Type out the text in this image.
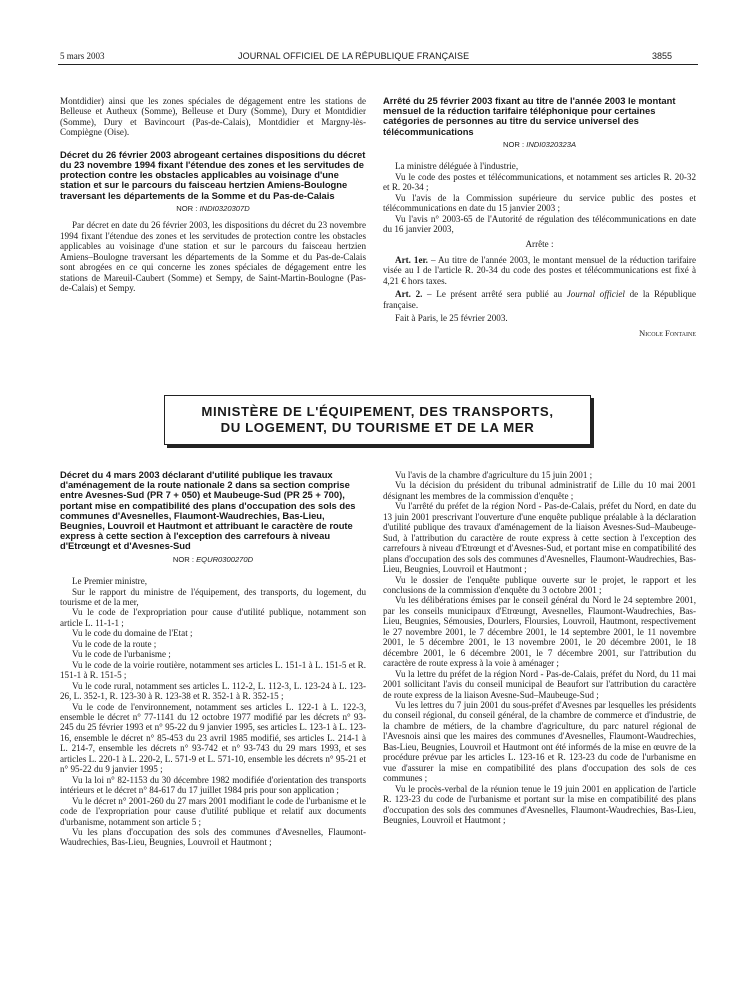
5 mars 2003	JOURNAL OFFICIEL DE LA RÉPUBLIQUE FRANÇAISE	3855

Montdidier) ainsi que les zones spéciales de dégagement entre les stations de Belleuse et Autheux (Somme), Belleuse et Dury (Somme), Dury et Montdidier (Somme), Dury et Bavincourt (Pas-de-Calais), Montdidier et Margny-lès-Compiègne (Oise).

Décret du 26 février 2003 abrogeant certaines dispositions du décret du 23 novembre 1994 fixant l'étendue des zones et les servitudes de protection contre les obstacles applicables au voisinage d'une station et sur le parcours du faisceau hertzien Amiens-Boulogne traversant les départements de la Somme et du Pas-de-Calais

NOR : INDI0320307D

Par décret en date du 26 février 2003, les dispositions du décret du 23 novembre 1994 fixant l'étendue des zones et les servitudes de protection contre les obstacles applicables au voisinage d'une station et sur le parcours du faisceau hertzien Amiens–Boulogne traversant les départements de la Somme et du Pas-de-Calais sont abrogées en ce qui concerne les zones spéciales de dégagement entre les stations de Mareuil-Caubert (Somme) et Sempy, de Saint-Martin-Boulogne (Pas-de-Calais) et Sempy.

Arrêté du 25 février 2003 fixant au titre de l'année 2003 le montant mensuel de la réduction tarifaire téléphonique pour certaines catégories de personnes au titre du service universel des télécommunications

NOR : INDI0320323A

La ministre déléguée à l'industrie,

Vu le code des postes et télécommunications, et notamment ses articles R. 20-32 et R. 20-34 ;

Vu l'avis de la Commission supérieure du service public des postes et télécommunications en date du 15 janvier 2003 ;

Vu l'avis n° 2003-65 de l'Autorité de régulation des télécommunications en date du 16 janvier 2003,

Arrête :

Art. 1er. – Au titre de l'année 2003, le montant mensuel de la réduction tarifaire visée au I de l'article R. 20-34 du code des postes et télécommunications est fixé à 4,21 € hors taxes.

Art. 2. – Le présent arrêté sera publié au Journal officiel de la République française.

Fait à Paris, le 25 février 2003.

Nicole Fontaine

MINISTÈRE DE L'ÉQUIPEMENT, DES TRANSPORTS,
DU LOGEMENT, DU TOURISME ET DE LA MER

Décret du 4 mars 2003 déclarant d'utilité publique les travaux d'aménagement de la route nationale 2 dans sa section comprise entre Avesnes-Sud (PR 7 + 050) et Maubeuge-Sud (PR 25 + 700), portant mise en compatibilité des plans d'occupation des sols des communes d'Avesnelles, Flaumont-Waudrechies, Bas-Lieu, Beugnies, Louvroil et Hautmont et attribuant le caractère de route express à cette section à l'exception des carrefours à niveau d'Etrœungt et d'Avesnes-Sud

NOR : EQUR0300270D

Le Premier ministre,

Sur le rapport du ministre de l'équipement, des transports, du logement, du tourisme et de la mer,

Vu le code de l'expropriation pour cause d'utilité publique, notamment son article L. 11-1-1 ;

Vu le code du domaine de l'Etat ;

Vu le code de la route ;

Vu le code de l'urbanisme ;

Vu le code de la voirie routière, notamment ses articles L. 151-1 à L. 151-5 et R. 151-1 à R. 151-5 ;

Vu le code rural, notamment ses articles L. 112-2, L. 112-3, L. 123-24 à L. 123-26, L. 352-1, R. 123-30 à R. 123-38 et R. 352-1 à R. 352-15 ;

Vu le code de l'environnement, notamment ses articles L. 122-1 à L. 122-3, ensemble le décret n° 77-1141 du 12 octobre 1977 modifié par les décrets n° 93-245 du 25 février 1993 et n° 95-22 du 9 janvier 1995, ses articles L. 123-1 à L. 123-16, ensemble le décret n° 85-453 du 23 avril 1985 modifié, ses articles L. 214-1 à L. 214-7, ensemble les décrets n° 93-742 et n° 93-743 du 29 mars 1993, et ses articles L. 220-1 à L. 220-2, L. 571-9 et L. 571-10, ensemble les décrets n° 95-21 et n° 95-22 du 9 janvier 1995 ;

Vu la loi n° 82-1153 du 30 décembre 1982 modifiée d'orientation des transports intérieurs et le décret n° 84-617 du 17 juillet 1984 pris pour son application ;

Vu le décret n° 2001-260 du 27 mars 2001 modifiant le code de l'urbanisme et le code de l'expropriation pour cause d'utilité publique et relatif aux documents d'urbanisme, notamment son article 5 ;

Vu les plans d'occupation des sols des communes d'Avesnelles, Flaumont-Waudrechies, Bas-Lieu, Beugnies, Louvroil et Hautmont ;

Vu l'avis de la chambre d'agriculture du 15 juin 2001 ;

Vu la décision du président du tribunal administratif de Lille du 10 mai 2001 désignant les membres de la commission d'enquête ;

Vu l'arrêté du préfet de la région Nord - Pas-de-Calais, préfet du Nord, en date du 13 juin 2001 prescrivant l'ouverture d'une enquête publique préalable à la déclaration d'utilité publique des travaux d'aménagement de la liaison Avesnes-Sud–Maubeuge-Sud, à l'attribution du caractère de route express à cette section à l'exception des carrefours à niveau d'Etrœungt et d'Avesnes-Sud, et portant mise en compatibilité des plans d'occupation des sols des communes d'Avesnelles, Flaumont-Waudrechies, Bas-Lieu, Beugnies, Louvroil et Hautmont ;

Vu le dossier de l'enquête publique ouverte sur le projet, le rapport et les conclusions de la commission d'enquête du 3 octobre 2001 ;

Vu les délibérations émises par le conseil général du Nord le 24 septembre 2001, par les conseils municipaux d'Etrœungt, Avesnelles, Flaumont-Waudrechies, Bas-Lieu, Beugnies, Sémousies, Dourlers, Floursies, Louvroil, Hautmont, respectivement le 27 novembre 2001, le 7 décembre 2001, le 14 septembre 2001, le 11 novembre 2001, le 5 décembre 2001, le 13 novembre 2001, le 20 décembre 2001, le 18 décembre 2001, le 6 décembre 2001, le 7 décembre 2001, sur l'attribution du caractère de route express à la voie à aménager ;

Vu la lettre du préfet de la région Nord - Pas-de-Calais, préfet du Nord, du 11 mai 2001 sollicitant l'avis du conseil municipal de Beaufort sur l'attribution du caractère de route express de la liaison Avesne-Sud–Maubeuge-Sud ;

Vu les lettres du 7 juin 2001 du sous-préfet d'Avesnes par lesquelles les présidents du conseil régional, du conseil général, de la chambre de commerce et d'industrie, de la chambre de métiers, de la chambre d'agriculture, du parc naturel régional de l'Avesnois ainsi que les maires des communes d'Avesnelles, Flaumont-Waudrechies, Bas-Lieu, Beugnies, Louvroil et Hautmont ont été informés de la mise en œuvre de la procédure prévue par les articles L. 123-16 et R. 123-23 du code de l'urbanisme en vue d'assurer la mise en compatibilité des plans d'occupation des sols de ces communes ;

Vu le procès-verbal de la réunion tenue le 19 juin 2001 en application de l'article R. 123-23 du code de l'urbanisme et portant sur la mise en compatibilité des plans d'occupation des sols des communes d'Avesnelles, Flaumont-Waudrechies, Bas-Lieu, Beugnies, Louvroil et Hautmont ;
